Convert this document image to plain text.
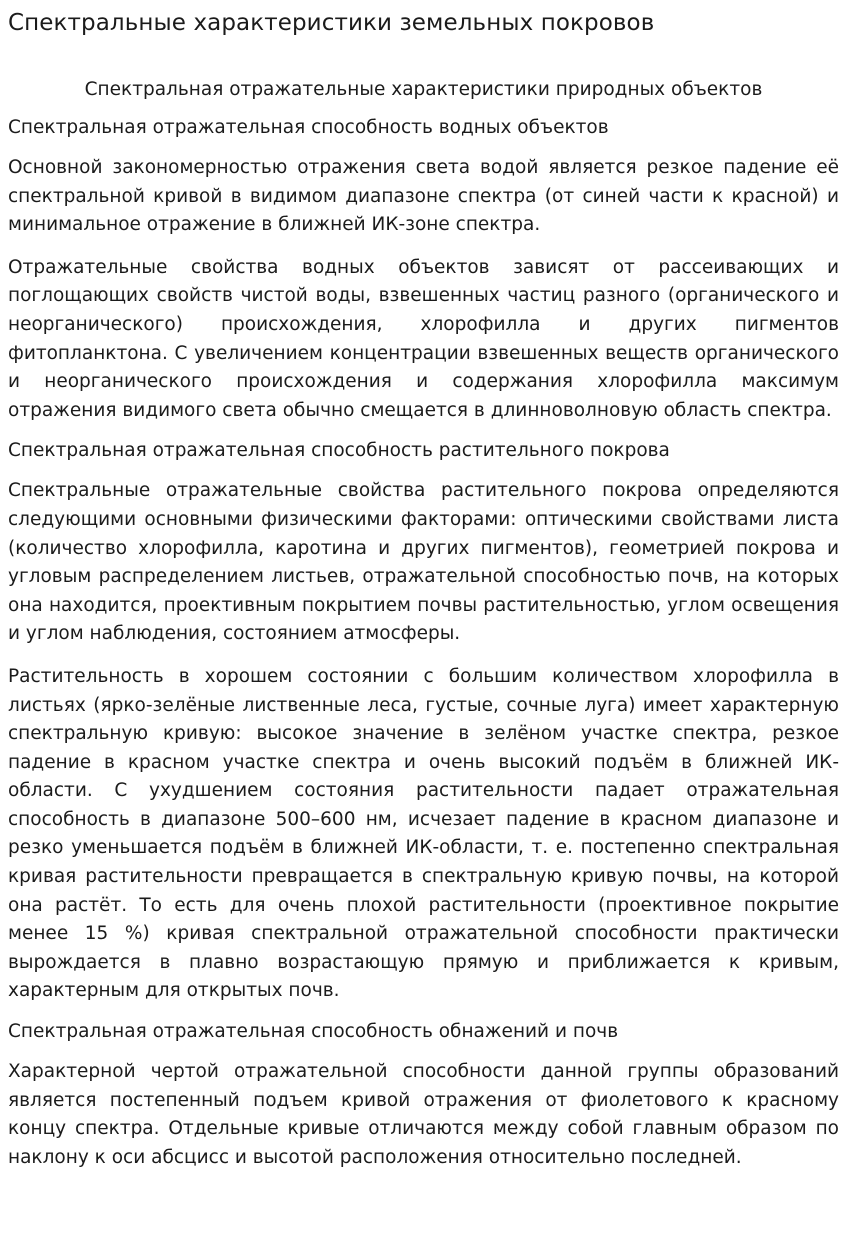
Спектральные характеристики земельных покровов
Спектральная отражательные характеристики природных объектов
Спектральная отражательная способность водных объектов

Основной закономерностью отражения света водой является резкое падение её спектральной кривой в видимом диапазоне спектра (от синей части к красной) и минимальное отражение в ближней ИК-зоне спектра.

Отражательные свойства водных объектов зависят от рассеивающих и поглощающих свойств чистой воды, взвешенных частиц разного (органического и неорганического) происхождения, хлорофилла и других пигментов фитопланктона. С увеличением концентрации взвешенных веществ органического и неорганического происхождения и содержания хлорофилла максимум отражения видимого света обычно смещается в длинноволновую область спектра.

Спектральная отражательная способность растительного покрова

Спектральные отражательные свойства растительного покрова определяются следующими основными физическими факторами: оптическими свойствами листа (количество хлорофилла, каротина и других пигментов), геометрией покрова и угловым распределением листьев, отражательной способностью почв, на которых она находится, проективным покрытием почвы растительностью, углом освещения и углом наблюдения, состоянием атмосферы.

Растительность в хорошем состоянии с большим количеством хлорофилла в листьях (ярко-зелёные лиственные леса, густые, сочные луга) имеет характерную спектральную кривую: высокое значение в зелёном участке спектра, резкое падение в красном участке спектра и очень высокий подъём в ближней ИК-области. С ухудшением состояния растительности падает отражательная способность в диапазоне 500–600 нм, исчезает падение в красном диапазоне и резко уменьшается подъём в ближней ИК-области, т. е. постепенно спектральная кривая растительности превращается в спектральную кривую почвы, на которой она растёт. То есть для очень плохой растительности (проективное покрытие менее 15 %) кривая спектральной отражательной способности практически вырождается в плавно возрастающую прямую и приближается к кривым, характерным для открытых почв.

Спектральная отражательная способность обнажений и почв

Характерной чертой отражательной способности данной группы образований является постепенный подъем кривой отражения от фиолетового к красному концу спектра. Отдельные кривые отличаются между собой главным образом по наклону к оси абсцисс и высотой расположения относительно последней.
